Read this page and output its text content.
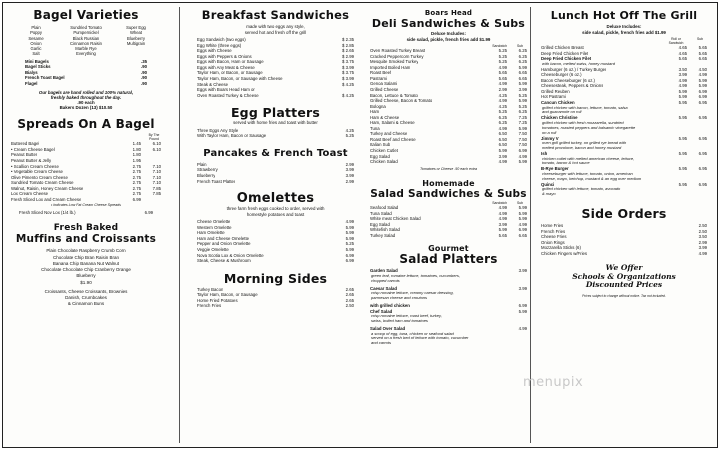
Bagel Varieties
Plain	Sundried Tomato	Super Egg
Poppy	Pumpernickel	Wheat
Sesame	Black Russian	Blueberry
Onion	Cinnamon Raisin	Multigrain
Garlic	Marble Rye
Salt	Everything
Mini Bagels	.35
Bagel Sticks	.90
Bialys	.90
French Toast Bagel	.90
Flagel	.90
Our bagels are hand rolled and 100% natural,
freshly baked throughout the day.
.90 each
Bakers Dozen (13) $10.50
Spreads On A Bagel
By The Pound
Buttered Bagel	1.45	6.10
• Cream Cheese Bagel	1.80	6.10
Peanut Butter	1.80
Peanut Butter & Jelly	1.95
• Scallion Cream Cheese	2.75	7.10
• Vegetable Cream Cheese	2.75	7.10
Olive Pimento Cream Cheese	2.75	7.10
Sundried Tomato Cream Cheese	2.75	7.10
Walnut, Raisin, Honey Cream Cheese	2.75	7.85
Lox Cream Cheese	2.75	7.85
Fresh Sliced Lox and Cream Cheese	6.99
• Indicates Low Fat Cream Cheese Spreads
Fresh Sliced Nov Lox (1/4 lb.)	6.99
Fresh Baked
Muffins and Croissants
Plain Chocolate Raspberry Crumb Corn
Chocolate Chip Bran Raisin Bran
Banana Chip Banana Nut Walnut
Chocolate Chocolate Chip Cranberry Orange
Blueberry
$1.90
Croissants, Cheese Croissants, Brownies
Danish, Crumbcakes
& Cinnamon Buns
Breakfast Sandwiches
made with two eggs any style,
served hot and fresh off the grill
Egg Sandwich (two eggs)	$ 2.35
Egg White (three eggs)	$ 2.85
Eggs with Cheese	$ 2.65
Eggs with Peppers & Onions	$ 2.99
Eggs with Bacon, Ham or Sausage	$ 3.75
Eggs with Any Meat & Cheese	$ 3.99
Taylor Ham, or Bacon, or Sausage	$ 3.75
Taylor Ham, Bacon, or Sausage with Cheese	$ 3.99
Steak & Cheese	$ 4.25
Eggs with Boars Head Ham or
Oven Roasted Turkey & Cheese	$ 4.25
Egg Platters
served with home fries and toast with butter
Three Eggs Any Style	4.25
With Taylor Ham, Bacon or Sausage	5.25
Pancakes & French Toast
Plain	2.99
Strawberry	3.99
Blueberry	3.99
French Toast Platter	2.99
Omelettes
three farm fresh eggs cooked to order, served with
homestyle potatoes and toast
Cheese Omelette	4.99
Western Omelette	5.99
Ham Omelette	5.99
Ham and Cheese Omelette	5.99
Pepper and Onion Omelette	5.25
Veggie Omelette	5.99
Nova Scotia Lox & Onion Omelette	6.99
Steak, Cheese & Mushroom	6.99
Morning Sides
Turkey Bacon	2.65
Taylor Ham, Bacon, or Sausage	2.65
Home Fried Potatoes	2.65
French Fries	2.50
Boars Head
Deli Sandwiches & Subs
Deluxe Includes:
side salad, pickle, french fries add $1.99
Sandwich	Sub
Oven Roasted Turkey Breast	5.25	6.25
Cracked Peppercorn Turkey	5.25	6.25
Mesquite Smoked Turkey	5.25	6.25
Imported Boiled Ham	4.99	5.99
Roast Beef	5.65	6.65
Pastrami	5.65	6.65
Genoa Salami	4.99	5.99
Grilled Cheese	2.99	3.99
Bacon, Lettuce & Tomato	4.25	5.25
Grilled Cheese, Bacon & Tomato	4.99	5.99
Bologna	4.25	5.25
Ham	5.25	6.25
Ham & Cheese	6.25	7.25
Ham, Salami & Cheese	6.25	7.25
Tuna	4.99	5.99
Turkey and Cheese	6.50	7.50
Roast Beef and Cheese	6.50	7.50
Italian Sub	6.50	7.50
Chicken Cutlet	5.99	6.99
Egg Salad	3.99	4.99
Chicken Salad	4.99	5.99
Tomatoes or Cheese .50 each extra
Homemade
Salad Sandwiches & Subs
Sandwich	Sub
Seafood Salad	4.99	5.99
Tuna Salad	4.99	5.99
White meat Chicken Salad	4.99	5.99
Egg Salad	3.99	4.99
Whitefish Salad	5.99	6.99
Turkey Salad	5.65	6.65
Gourmet
Salad Platters
Garden Salad	3.99
green leaf, romaine lettuce, tomatoes, cucumbers,
chopped carrots
Caesar Salad	3.99
crisp romaine lettuce, creamy caesar dressing,
parmesan cheese and croutons
with grilled chicken	6.99
Chef Salad	5.99
crisp romaine lettuce, roast beef, turkey,
swiss, boiled ham and tomatoes
Salad Over Salad	4.99
a scoop of egg, tuna, chicken or seafood salad
served on a fresh bed of lettuce with tomato, cucumber
and carrots
Lunch Hot Off The Grill
Deluxe Includes:
side salad, pickle, french fries add $1.99
Roll or Sandwich
Sub
Grilled Chicken Breast	4.65	5.65
Deep Fried Chicken Filet	4.65	5.65
Deep Fried Chicken Filet	5.65	6.65
with bacon, melted swiss, honey mustard
Hamburger (6 oz.) / Turkey Burger	3.50	4.50
Cheeseburger (6 oz.)	3.99	4.99
Bacon Cheeseburger (6 oz.)	4.99	5.99
Cheesesteak, Peppers & Onions	4.99	5.99
Grilled Reuben	5.99	6.99
Hot Pastrami	5.99	6.99
Cancun Chicken	5.95	6.95
grilled chicken with bacon, lettuce, tomato, salsa
and guacamole on roll
Chicken Christine	5.95	6.95
grilled chicken with fresh mozzarella, sundried
tomatoes, roasted peppers and balsamic vinegarette
on a roll
Jimmy V	5.95	6.95
oven grill grilled turkey, on grilled rye bread with
melted provolone, bacon and honey mustard
Ish	5.95	6.95
chicken cutlet with melted american cheese, lettuce,
tomato, bacon & hot sauce
B-Rye Burger	5.95	6.95
cheeseburger with lettuce, tomato, onion, american
cheese, mayo, ketchup, mustard & an egg over medium
Quinci	5.95	6.95
grilled chicken with lettuce, tomato, avocado
& mayo
Side Orders
Home Fries	2.50
French Fries	2.50
Cheese Fries	3.50
Onion Rings	2.99
Mozzarella Sticks (6)	3.99
Chicken Fingers w/Fries	4.99
We Offer
Schools & Organizations
Discounted Prices
Prices subject to change without notice. Tax not included.
menupix
